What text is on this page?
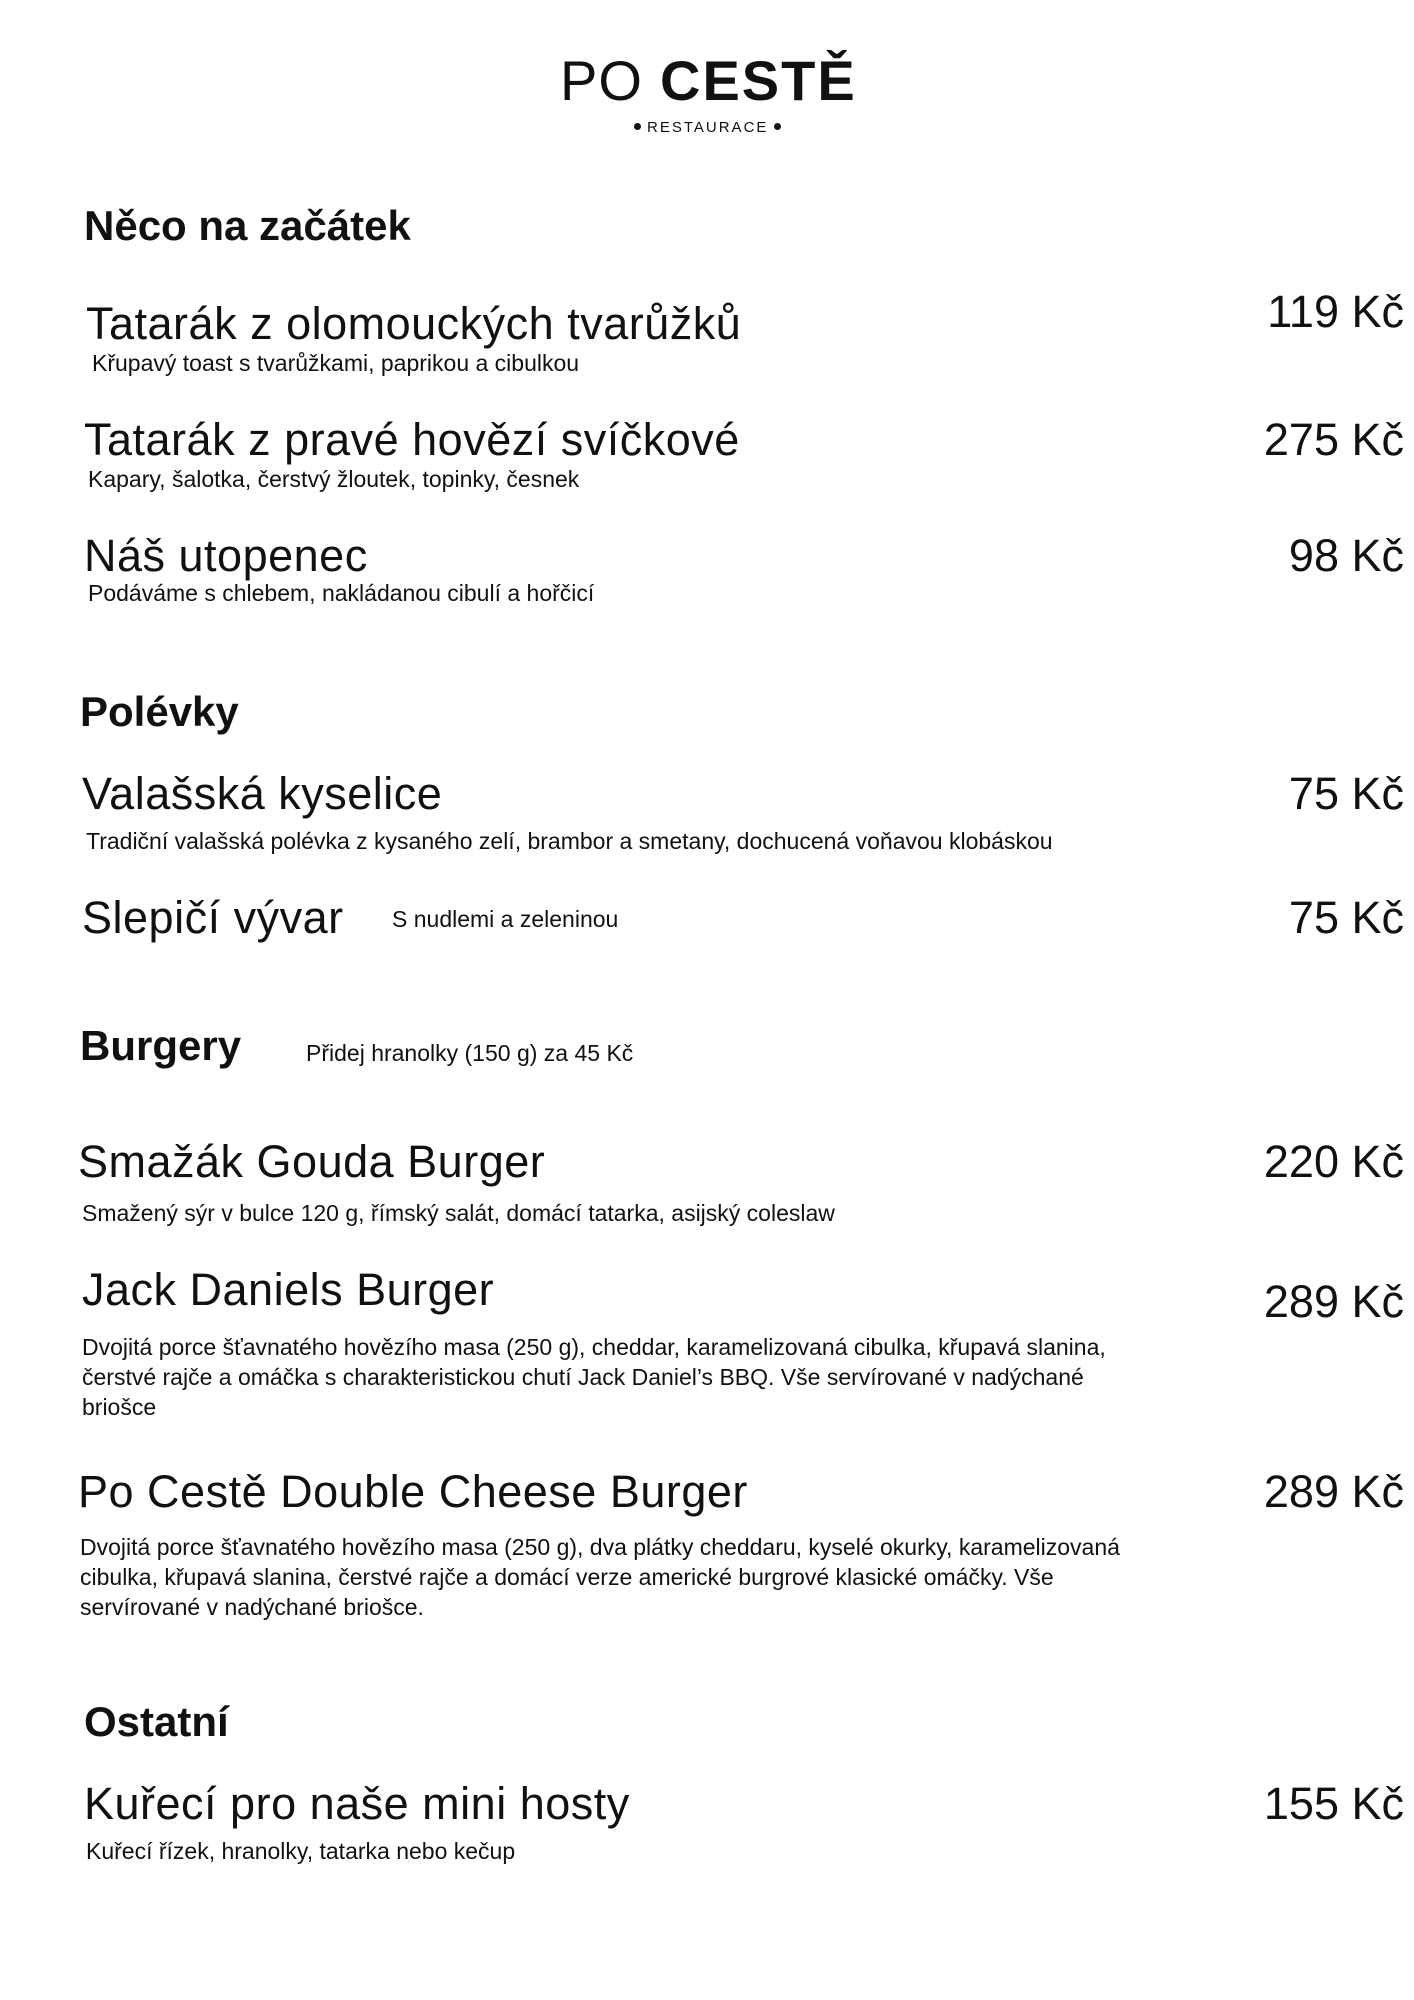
PO CESTĚ
RESTAURACE
Něco na začátek
Tatarák z olomouckých tvarůžků
Křupavý toast s tvarůžkami, paprikou a cibulkou
119 Kč
Tatarák z pravé hovězí svíčkové
Kapary, šalotka, čerstvý žloutek, topinky, česnek
275 Kč
Náš utopenec
Podáváme s chlebem, nakládanou cibulí a hořčicí
98 Kč
Polévky
Valašská kyselice
Tradiční valašská polévka z kysaného zelí, brambor a smetany, dochucená voňavou klobáskou
75 Kč
Slepičí vývar S nudlemi a zeleninou	75 Kč
Burgery	Přidej hranolky (150 g) za 45 Kč
Smažák Gouda Burger
Smažený sýr v bulce 120 g, římský salát, domácí tatarka, asijský coleslaw
220 Kč
Jack Daniels Burger
Dvojitá porce šťavnatého hovězího masa (250 g), cheddar, karamelizovaná cibulka, křupavá slanina, čerstvé rajče a omáčka s charakteristickou chutí Jack Daniel’s BBQ. Vše servírované v nadýchané briošce
289 Kč
Po Cestě Double Cheese Burger
Dvojitá porce šťavnatého hovězího masa (250 g), dva plátky cheddaru, kyselé okurky, karamelizovaná cibulka, křupavá slanina, čerstvé rajče a domácí verze americké burgrové klasické omáčky. Vše servírované v nadýchané briošce.
289 Kč
Ostatní
Kuřecí pro naše mini hosty
Kuřecí řízek, hranolky, tatarka nebo kečup
155 Kč
